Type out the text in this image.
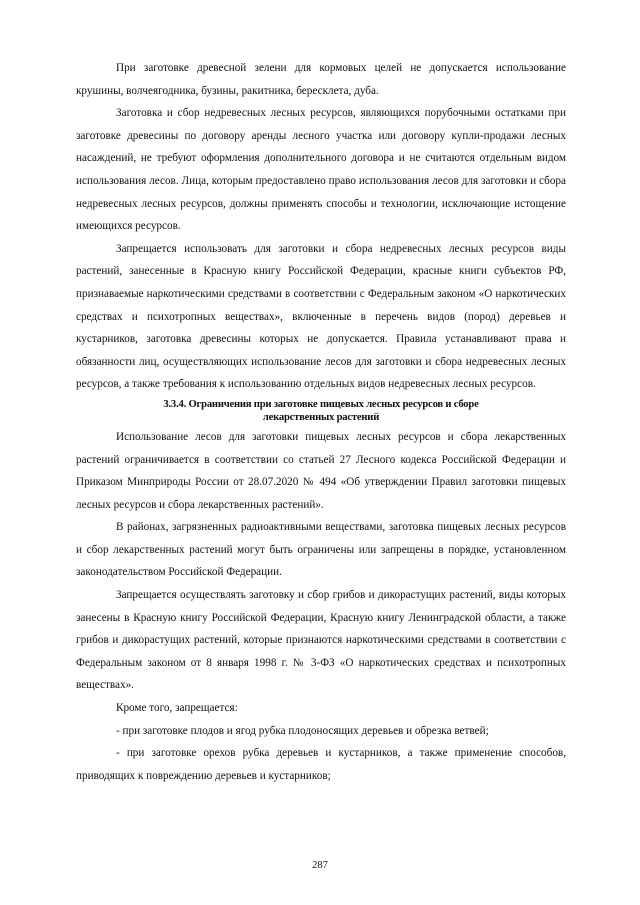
При заготовке древесной зелени для кормовых целей не допускается использование крушины, волчеягодника, бузины, ракитника, бересклета, дуба.

Заготовка и сбор недревесных лесных ресурсов, являющихся порубочными остатками при заготовке древесины по договору аренды лесного участка или договору купли-продажи лесных насаждений, не требуют оформления дополнительного договора и не считаются отдельным видом использования лесов. Лица, которым предоставлено право использования лесов для заготовки и сбора недревесных лесных ресурсов, должны применять способы и технологии, исключающие истощение имеющихся ресурсов.

Запрещается использовать для заготовки и сбора недревесных лесных ресурсов виды растений, занесенные в Красную книгу Российской Федерации, красные книги субъектов РФ, признаваемые наркотическими средствами в соответствии с Федеральным законом «О наркотических средствах и психотропных веществах», включенные в перечень видов (пород) деревьев и кустарников, заготовка древесины которых не допускается. Правила устанавливают права и обязанности лиц, осуществляющих использование лесов для заготовки и сбора недревесных лесных ресурсов, а также требования к использованию отдельных видов недревесных лесных ресурсов.

3.3.4. Ограничения при заготовке пищевых лесных ресурсов и сборе
лекарственных растений

Использование лесов для заготовки пищевых лесных ресурсов и сбора лекарственных растений ограничивается в соответствии со статьей 27 Лесного кодекса Российской Федерации и Приказом Минприроды России от 28.07.2020 № 494 «Об утверждении Правил заготовки пищевых лесных ресурсов и сбора лекарственных растений».

В районах, загрязненных радиоактивными веществами, заготовка пищевых лесных ресурсов и сбор лекарственных растений могут быть ограничены или запрещены в порядке, установленном законодательством Российской Федерации.

Запрещается осуществлять заготовку и сбор грибов и дикорастущих растений, виды которых занесены в Красную книгу Российской Федерации, Красную книгу Ленинградской области, а также грибов и дикорастущих растений, которые признаются наркотическими средствами в соответствии с Федеральным законом от 8 января 1998 г. № 3-ФЗ «О наркотических средствах и психотропных веществах».

Кроме того, запрещается:

- при заготовке плодов и ягод рубка плодоносящих деревьев и обрезка ветвей;

- при заготовке орехов рубка деревьев и кустарников, а также применение способов, приводящих к повреждению деревьев и кустарников;

287
